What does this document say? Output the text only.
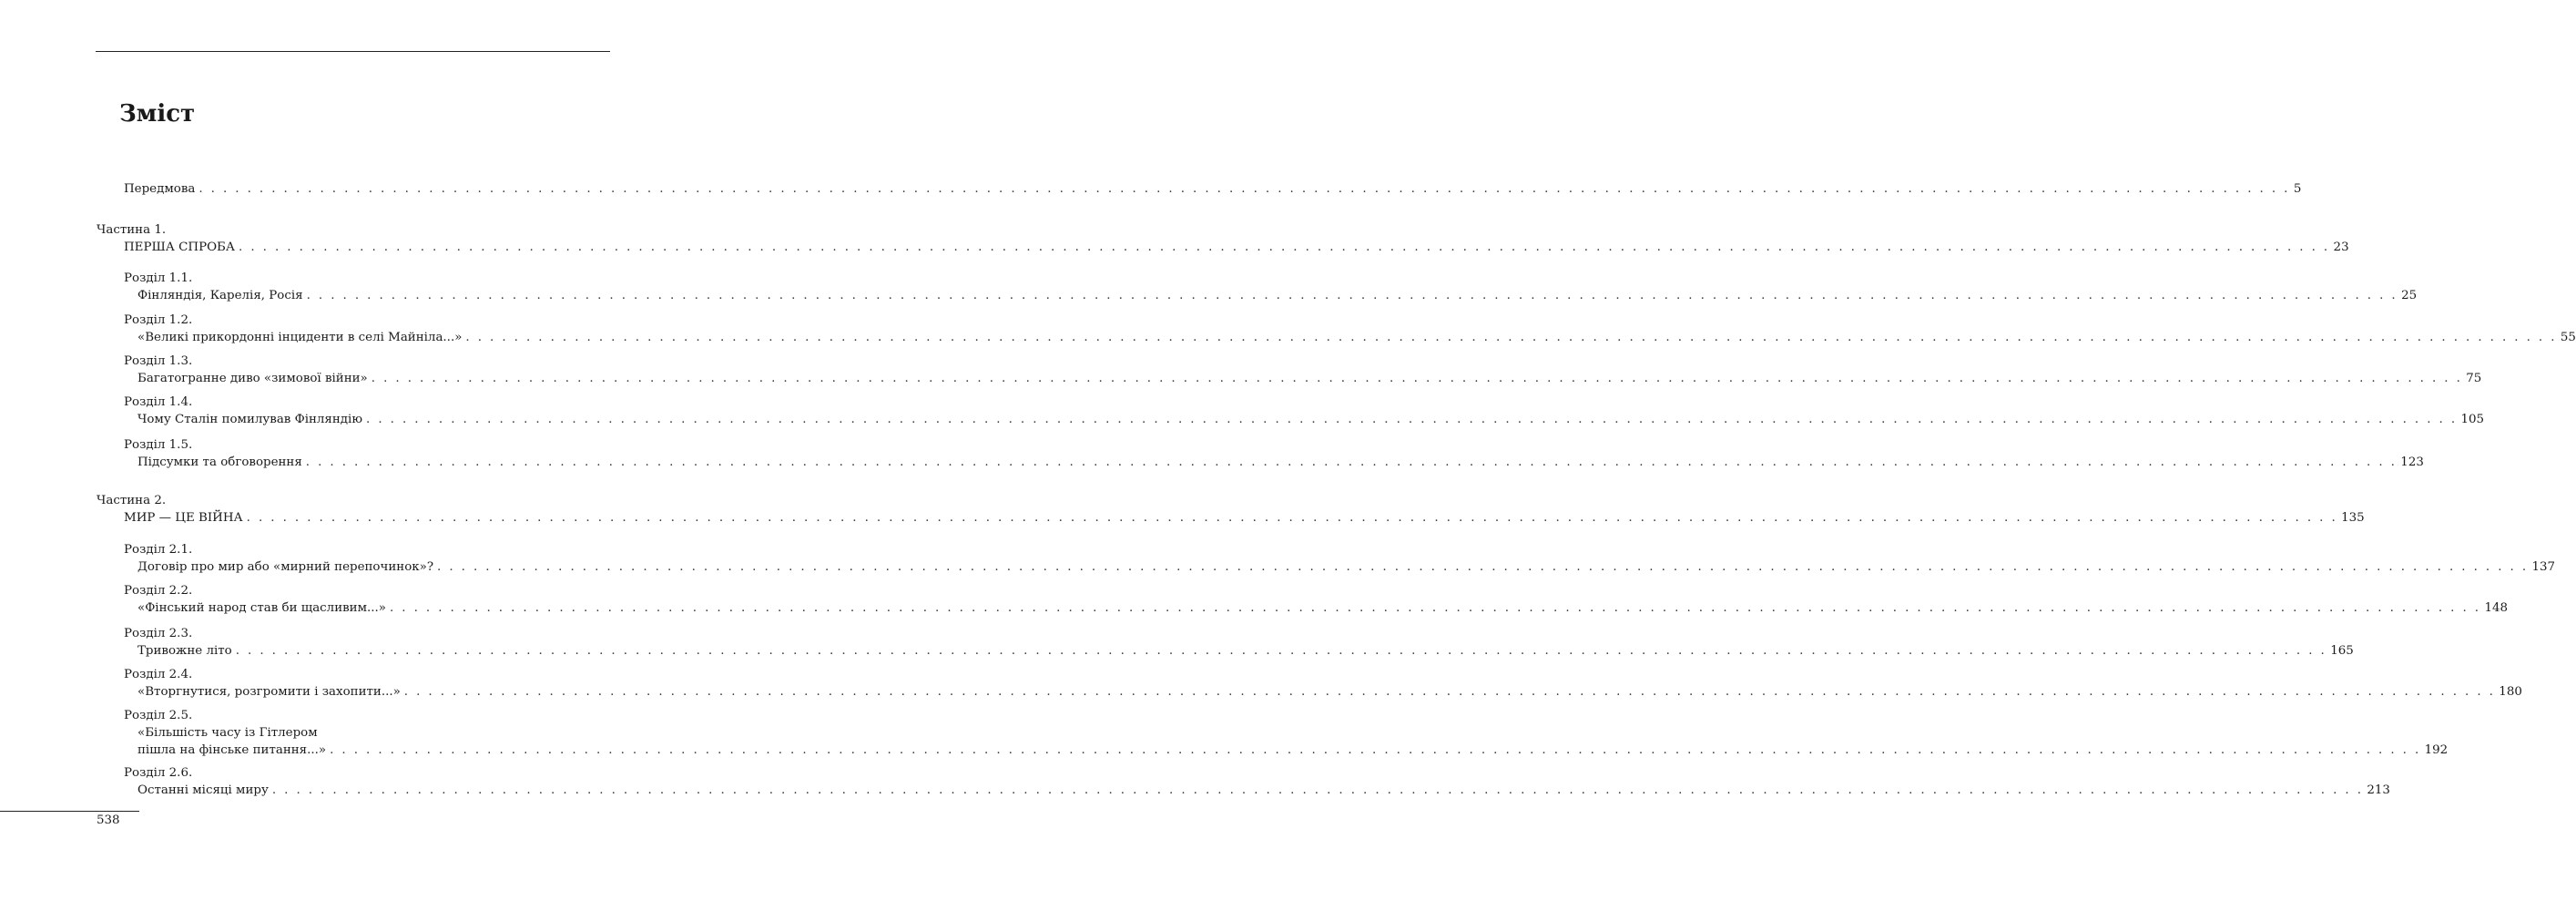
Зміст
Передмова . . . . . . . . . . . . . . . . . . . . . . . . . . . . . . . . . . . . . . . . . . . . . . . . . . . . . . . . . . . . . . . . . . . . . . . . . . . . . . . . . . . . . . . . . . . . . . . . . . . . . . . . . . . . . . . . . . . . . . . . . . . . . . . . . . . . . . . . . . . . . . . . . . . . . . . . . . . . . . . . . . . . . . . . . . . . . 5
Частина 1.
ПЕРША СПРОБА . . . . . . . . . . . . . . . . . . . . . . . . . . . . . . . . . . . . . . . . . . . . . . . . . . . . . . . . . . . . . . . . . . . . . . . . . . . . . . . . . . . . . . . . . . . . . . . . . . . . . . . . . . . . . . . . . . . . . . . . . . . . . . . . . . . . . . . . . . . . . . . . . . . . . . . . . . . . . . . . . . . . . . . . . . . . . 23
Розділ 1.1.
Фінляндія, Карелія, Росія . . . . . . . . . . . . . . . . . . . . . . . . . . . . . . . . . . . . . . . . . . . . . . . . . . . . . . . . . . . . . . . . . . . . . . . . . . . . . . . . . . . . . . . . . . . . . . . . . . . . . . . . . . . . . . . . . . . . . . . . . . . . . . . . . . . . . . . . . . . . . . . . . . . . . . . . . . . . . . . . . . . . . . . . . . . . . 25
Розділ 1.2.
«Великі прикордонні інциденти в селі Майніла...» . . . . . . . . . . . . . . . . . . . . . . . . . . . . . . . . . . . . . . . . . . . . . . . . . . . . . . . . . . . . . . . . . . . . . . . . . . . . . . . . . . . . . . . . . . . . . . . . . . . . . . . . . . . . . . . . . . . . . . . . . . . . . . . . . . . . . . . . . . . . . . . . . . . . . . . . . . . . . . . . . . . . . . . . . . . . . 55
Розділ 1.3.
Багатогранне диво «зимової війни» . . . . . . . . . . . . . . . . . . . . . . . . . . . . . . . . . . . . . . . . . . . . . . . . . . . . . . . . . . . . . . . . . . . . . . . . . . . . . . . . . . . . . . . . . . . . . . . . . . . . . . . . . . . . . . . . . . . . . . . . . . . . . . . . . . . . . . . . . . . . . . . . . . . . . . . . . . . . . . . . . . . . . . . . . . . . . 75
Розділ 1.4.
Чому Сталін помилував Фінляндію . . . . . . . . . . . . . . . . . . . . . . . . . . . . . . . . . . . . . . . . . . . . . . . . . . . . . . . . . . . . . . . . . . . . . . . . . . . . . . . . . . . . . . . . . . . . . . . . . . . . . . . . . . . . . . . . . . . . . . . . . . . . . . . . . . . . . . . . . . . . . . . . . . . . . . . . . . . . . . . . . . . . . . . . . . . . . 105
Розділ 1.5.
Підсумки та обговорення . . . . . . . . . . . . . . . . . . . . . . . . . . . . . . . . . . . . . . . . . . . . . . . . . . . . . . . . . . . . . . . . . . . . . . . . . . . . . . . . . . . . . . . . . . . . . . . . . . . . . . . . . . . . . . . . . . . . . . . . . . . . . . . . . . . . . . . . . . . . . . . . . . . . . . . . . . . . . . . . . . . . . . . . . . . . . 123
Частина 2.
МИР — ЦЕ ВІЙНА . . . . . . . . . . . . . . . . . . . . . . . . . . . . . . . . . . . . . . . . . . . . . . . . . . . . . . . . . . . . . . . . . . . . . . . . . . . . . . . . . . . . . . . . . . . . . . . . . . . . . . . . . . . . . . . . . . . . . . . . . . . . . . . . . . . . . . . . . . . . . . . . . . . . . . . . . . . . . . . . . . . . . . . . . . . . . 135
Розділ 2.1.
Договір про мир або «мирний перепочинок»? . . . . . . . . . . . . . . . . . . . . . . . . . . . . . . . . . . . . . . . . . . . . . . . . . . . . . . . . . . . . . . . . . . . . . . . . . . . . . . . . . . . . . . . . . . . . . . . . . . . . . . . . . . . . . . . . . . . . . . . . . . . . . . . . . . . . . . . . . . . . . . . . . . . . . . . . . . . . . . . . . . . . . . . . . . . . . 137
Розділ 2.2.
«Фінський народ став би щасливим...» . . . . . . . . . . . . . . . . . . . . . . . . . . . . . . . . . . . . . . . . . . . . . . . . . . . . . . . . . . . . . . . . . . . . . . . . . . . . . . . . . . . . . . . . . . . . . . . . . . . . . . . . . . . . . . . . . . . . . . . . . . . . . . . . . . . . . . . . . . . . . . . . . . . . . . . . . . . . . . . . . . . . . . . . . . . . . 148
Розділ 2.3.
Тривожне літо . . . . . . . . . . . . . . . . . . . . . . . . . . . . . . . . . . . . . . . . . . . . . . . . . . . . . . . . . . . . . . . . . . . . . . . . . . . . . . . . . . . . . . . . . . . . . . . . . . . . . . . . . . . . . . . . . . . . . . . . . . . . . . . . . . . . . . . . . . . . . . . . . . . . . . . . . . . . . . . . . . . . . . . . . . . . . 165
Розділ 2.4.
«Вторгнутися, розгромити і захопити...» . . . . . . . . . . . . . . . . . . . . . . . . . . . . . . . . . . . . . . . . . . . . . . . . . . . . . . . . . . . . . . . . . . . . . . . . . . . . . . . . . . . . . . . . . . . . . . . . . . . . . . . . . . . . . . . . . . . . . . . . . . . . . . . . . . . . . . . . . . . . . . . . . . . . . . . . . . . . . . . . . . . . . . . . . . . . . 180
Розділ 2.5.
«Більшість часу із Гітлером
пішла на фінське питання...» . . . . . . . . . . . . . . . . . . . . . . . . . . . . . . . . . . . . . . . . . . . . . . . . . . . . . . . . . . . . . . . . . . . . . . . . . . . . . . . . . . . . . . . . . . . . . . . . . . . . . . . . . . . . . . . . . . . . . . . . . . . . . . . . . . . . . . . . . . . . . . . . . . . . . . . . . . . . . . . . . . . . . . . . . . . . . 192
Розділ 2.6.
Останні місяці миру . . . . . . . . . . . . . . . . . . . . . . . . . . . . . . . . . . . . . . . . . . . . . . . . . . . . . . . . . . . . . . . . . . . . . . . . . . . . . . . . . . . . . . . . . . . . . . . . . . . . . . . . . . . . . . . . . . . . . . . . . . . . . . . . . . . . . . . . . . . . . . . . . . . . . . . . . . . . . . . . . . . . . . . . . . . . . 213
538
